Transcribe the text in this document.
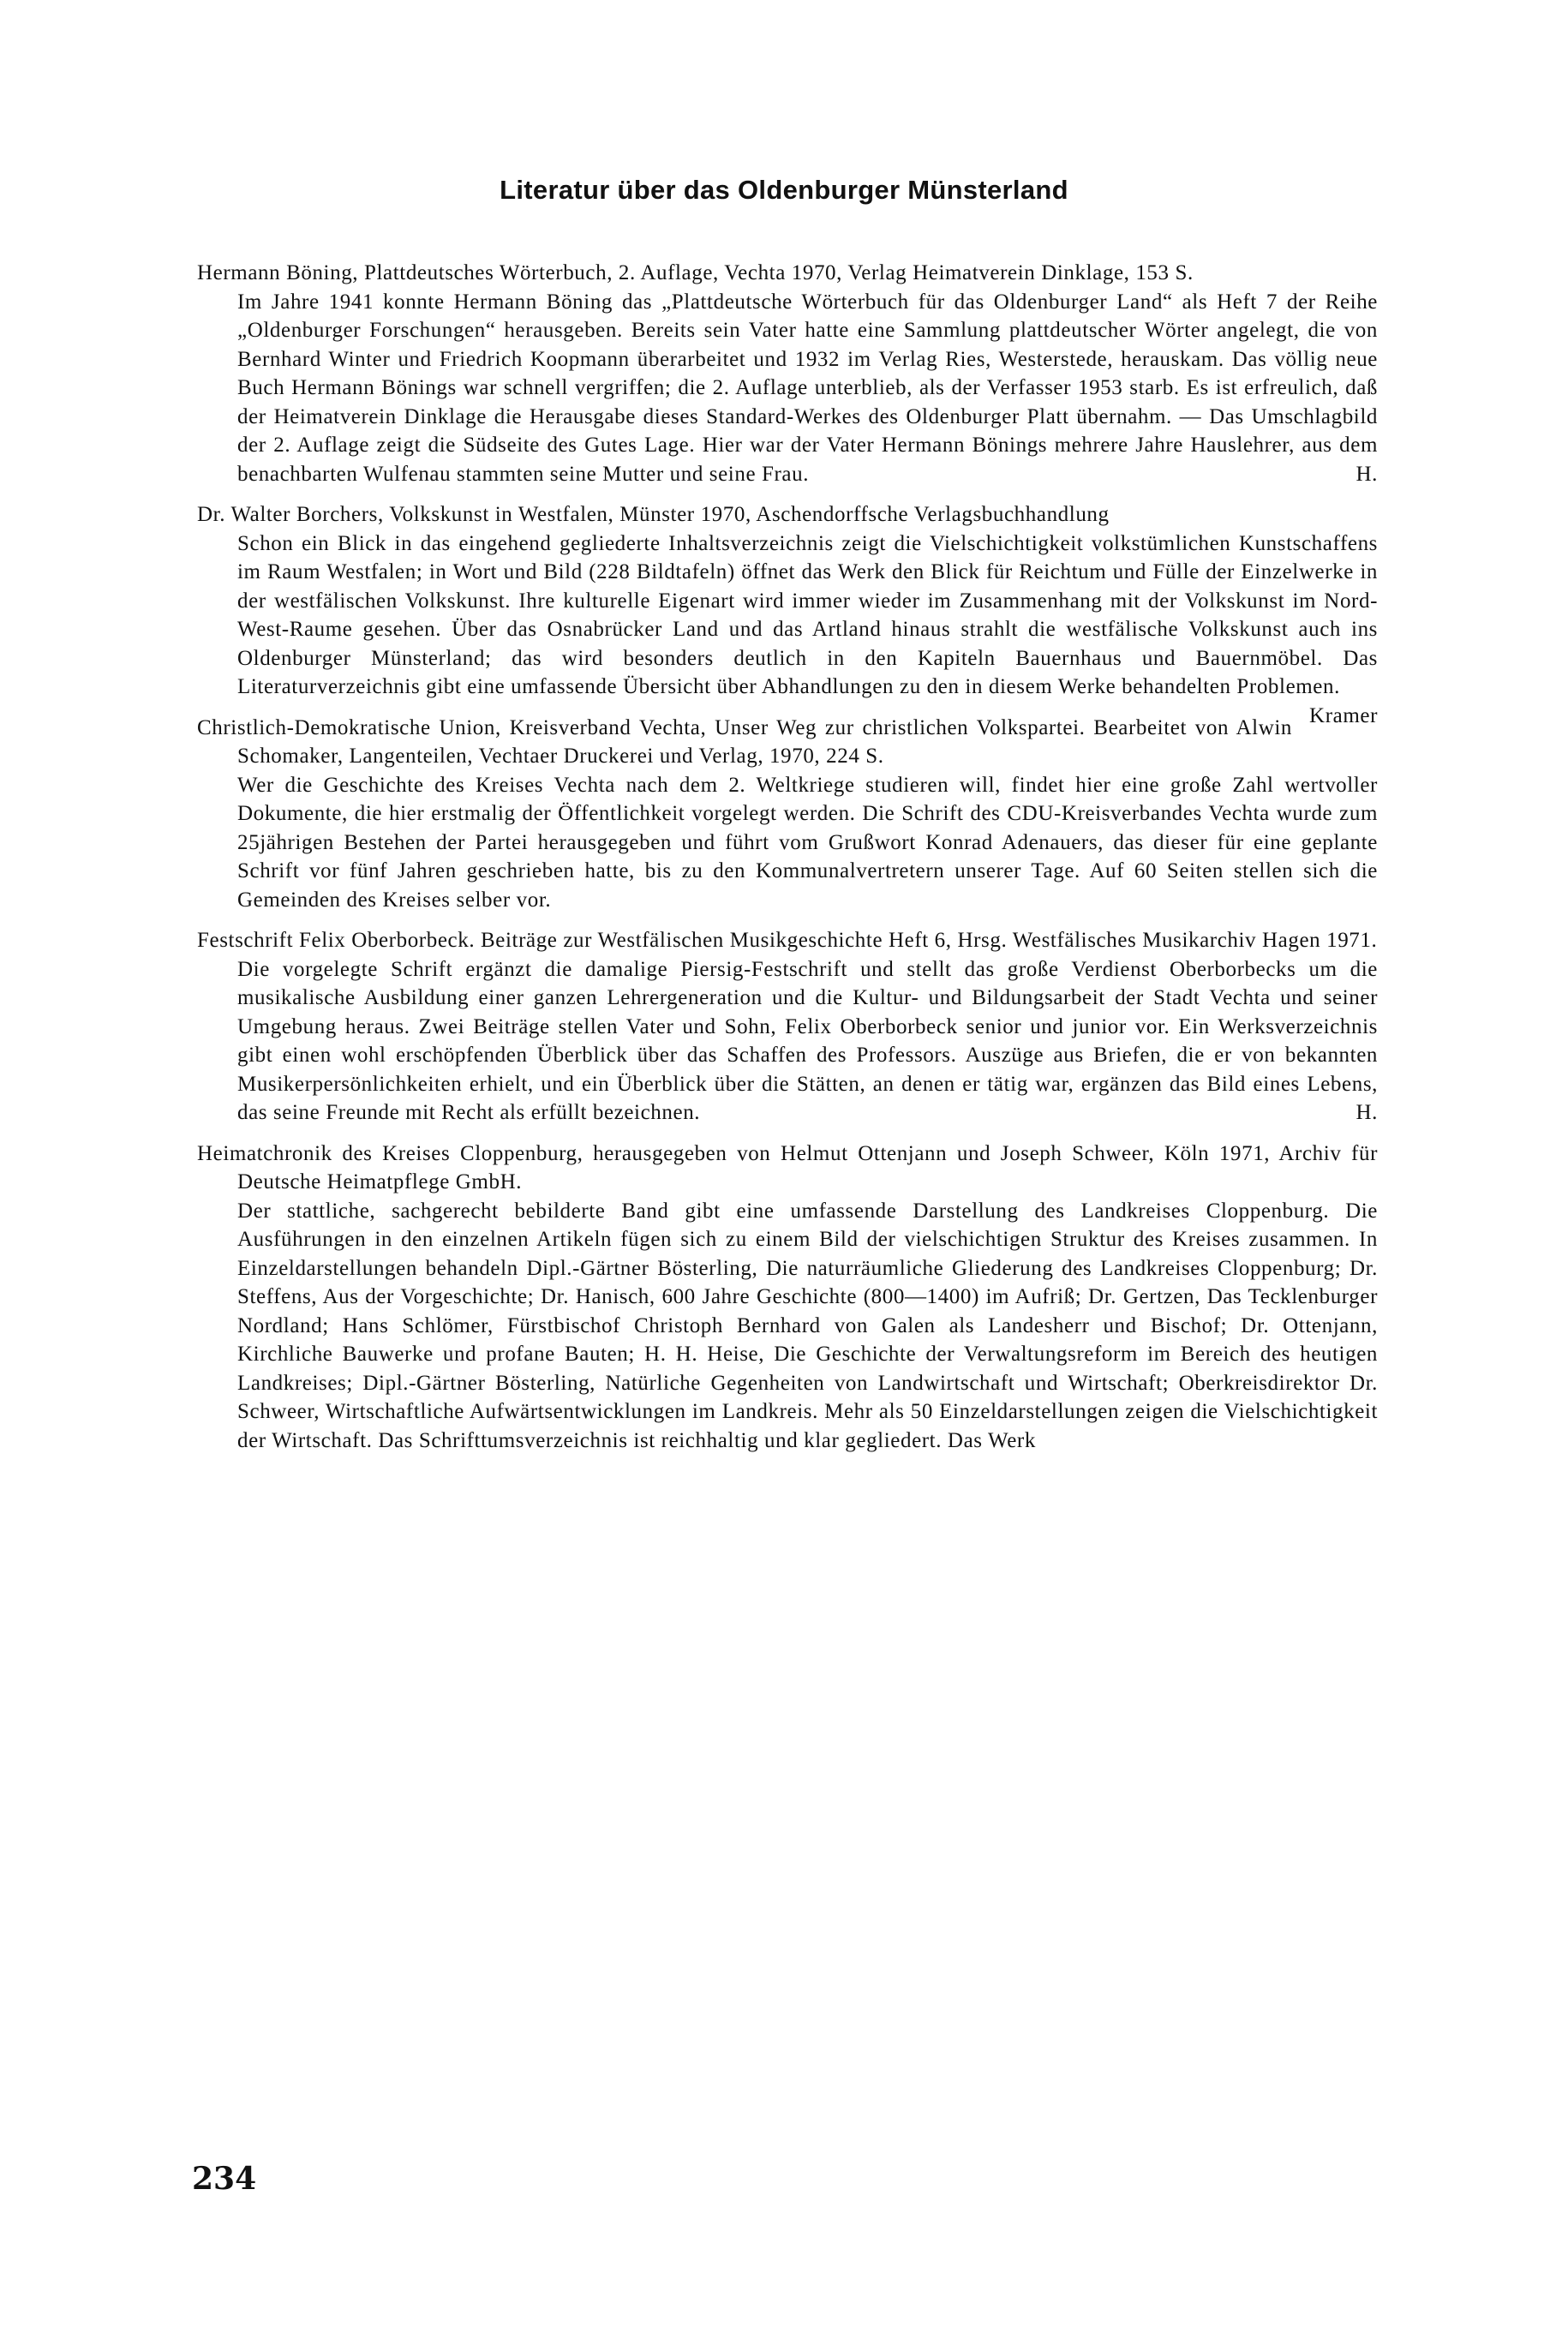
Literatur über das Oldenburger Münsterland

Hermann Böning, Plattdeutsches Wörterbuch, 2. Auflage, Vechta 1970, Verlag Heimatverein Dinklage, 153 S.

Im Jahre 1941 konnte Hermann Böning das „Plattdeutsche Wörterbuch für das Oldenburger Land“ als Heft 7 der Reihe „Oldenburger Forschungen“ herausgeben. Bereits sein Vater hatte eine Sammlung plattdeutscher Wörter angelegt, die von Bernhard Winter und Friedrich Koopmann überarbeitet und 1932 im Verlag Ries, Westerstede, herauskam. Das völlig neue Buch Hermann Bönings war schnell vergriffen; die 2. Auflage unterblieb, als der Verfasser 1953 starb. Es ist erfreulich, daß der Heimatverein Dinklage die Herausgabe dieses Standard-Werkes des Oldenburger Platt übernahm. — Das Umschlagbild der 2. Auflage zeigt die Südseite des Gutes Lage. Hier war der Vater Hermann Bönings mehrere Jahre Hauslehrer, aus dem benachbarten Wulfenau stammten seine Mutter und seine Frau.	H.

Dr. Walter Borchers, Volkskunst in Westfalen, Münster 1970, Aschendorffsche Verlagsbuchhandlung

Schon ein Blick in das eingehend gegliederte Inhaltsverzeichnis zeigt die Vielschichtigkeit volkstümlichen Kunstschaffens im Raum Westfalen; in Wort und Bild (228 Bildtafeln) öffnet das Werk den Blick für Reichtum und Fülle der Einzelwerke in der westfälischen Volkskunst. Ihre kulturelle Eigenart wird immer wieder im Zusammenhang mit der Volkskunst im Nord-West-Raume gesehen. Über das Osnabrücker Land und das Artland hinaus strahlt die westfälische Volkskunst auch ins Oldenburger Münsterland; das wird besonders deutlich in den Kapiteln Bauernhaus und Bauernmöbel. Das Literaturverzeichnis gibt eine umfassende Übersicht über Abhandlungen zu den in diesem Werke behandelten Problemen.
Kramer

Christlich-Demokratische Union, Kreisverband Vechta, Unser Weg zur christlichen Volkspartei. Bearbeitet von Alwin Schomaker, Langenteilen, Vechtaer Druckerei und Verlag, 1970, 224 S.

Wer die Geschichte des Kreises Vechta nach dem 2. Weltkriege studieren will, findet hier eine große Zahl wertvoller Dokumente, die hier erstmalig der Öffentlichkeit vorgelegt werden. Die Schrift des CDU-Kreisverbandes Vechta wurde zum 25jährigen Bestehen der Partei herausgegeben und führt vom Grußwort Konrad Adenauers, das dieser für eine geplante Schrift vor fünf Jahren geschrieben hatte, bis zu den Kommunalvertretern unserer Tage. Auf 60 Seiten stellen sich die Gemeinden des Kreises selber vor.

Festschrift Felix Oberborbeck. Beiträge zur Westfälischen Musikgeschichte Heft 6, Hrsg. Westfälisches Musikarchiv Hagen 1971.

Die vorgelegte Schrift ergänzt die damalige Piersig-Festschrift und stellt das große Verdienst Oberborbecks um die musikalische Ausbildung einer ganzen Lehrergeneration und die Kultur- und Bildungsarbeit der Stadt Vechta und seiner Umgebung heraus. Zwei Beiträge stellen Vater und Sohn, Felix Oberborbeck senior und junior vor. Ein Werksverzeichnis gibt einen wohl erschöpfenden Überblick über das Schaffen des Professors. Auszüge aus Briefen, die er von bekannten Musikerpersönlichkeiten erhielt, und ein Überblick über die Stätten, an denen er tätig war, ergänzen das Bild eines Lebens, das seine Freunde mit Recht als erfüllt bezeichnen.	H.

Heimatchronik des Kreises Cloppenburg, herausgegeben von Helmut Ottenjann und Joseph Schweer, Köln 1971, Archiv für Deutsche Heimatpflege GmbH.

Der stattliche, sachgerecht bebilderte Band gibt eine umfassende Darstellung des Landkreises Cloppenburg. Die Ausführungen in den einzelnen Artikeln fügen sich zu einem Bild der vielschichtigen Struktur des Kreises zusammen. In Einzeldarstellungen behandeln Dipl.-Gärtner Bösterling, Die naturräumliche Gliederung des Landkreises Cloppenburg; Dr. Steffens, Aus der Vorgeschichte; Dr. Hanisch, 600 Jahre Geschichte (800—1400) im Aufriß; Dr. Gertzen, Das Tecklenburger Nordland; Hans Schlömer, Fürstbischof Christoph Bernhard von Galen als Landesherr und Bischof; Dr. Ottenjann, Kirchliche Bauwerke und profane Bauten; H. H. Heise, Die Geschichte der Verwaltungsreform im Bereich des heutigen Landkreises; Dipl.-Gärtner Bösterling, Natürliche Gegenheiten von Landwirtschaft und Wirtschaft; Oberkreisdirektor Dr. Schweer, Wirtschaftliche Aufwärtsentwicklungen im Landkreis. Mehr als 50 Einzeldarstellungen zeigen die Vielschichtigkeit der Wirtschaft. Das Schrifttumsverzeichnis ist reichhaltig und klar gegliedert. Das Werk

234
